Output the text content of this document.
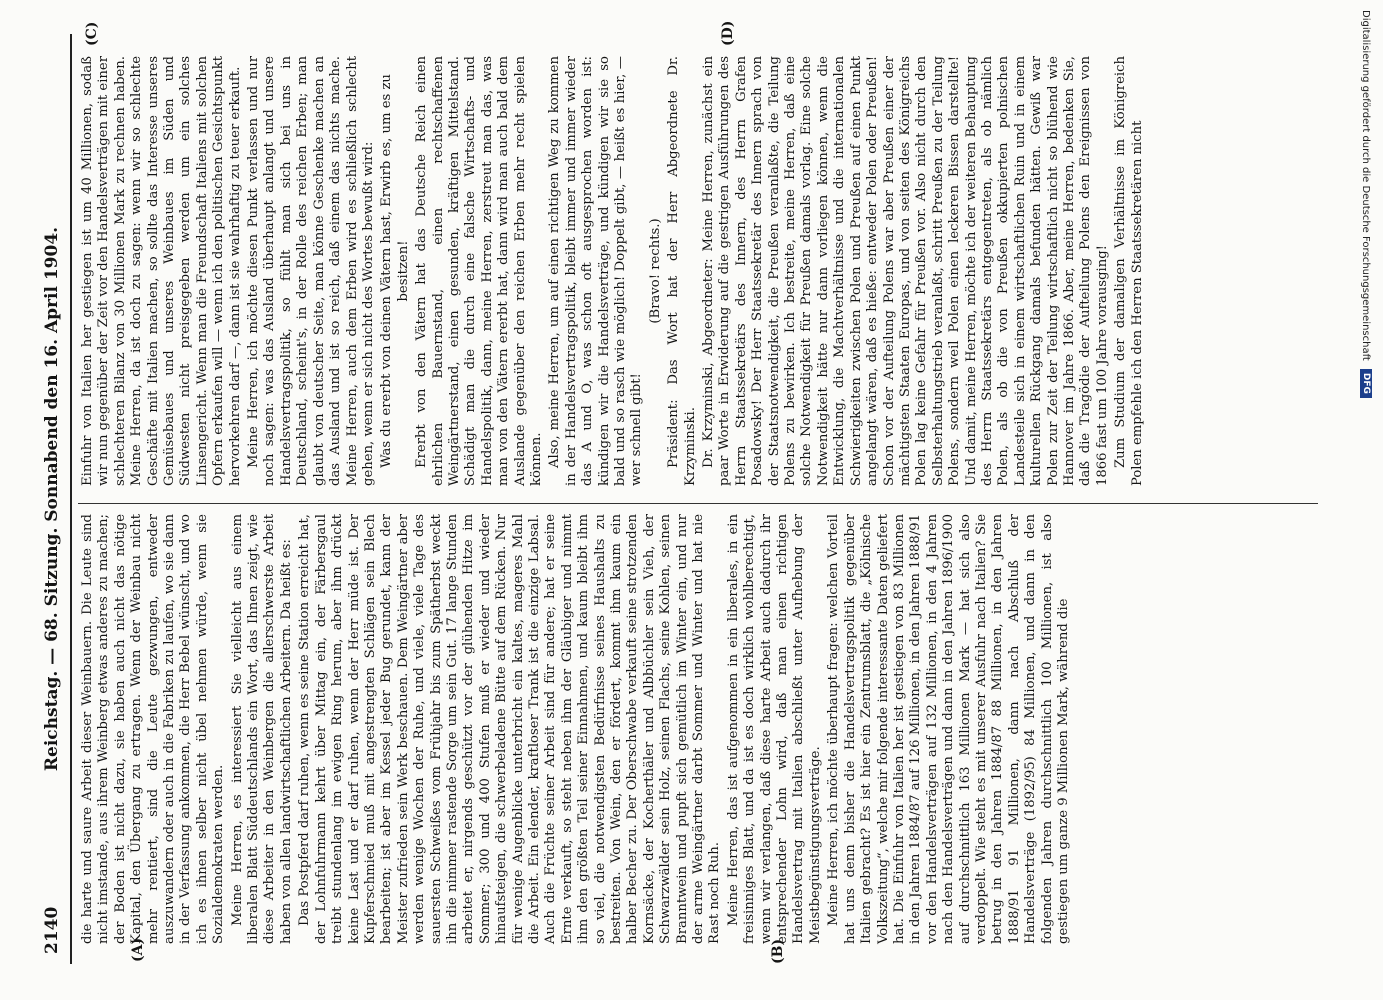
2140
Reichstag. — 68. Sitzung. Sonnabend den 16. April 1904.
(A)	(B)

die harte und saure Arbeit dieser Weinbauern. Die Leute sind nicht imstande, aus ihrem Weinberg etwas anderes zu machen; der Boden ist nicht dazu, sie haben auch nicht das nötige Kapital, den Übergang zu ertragen. Wenn der Weinbau nicht mehr rentiert, sind die Leute gezwungen, entweder auszuwandern oder auch in die Fabriken zu laufen, wo sie dann in der Verfassung ankommen, die Herr Bebel wünscht, und wo ich es ihnen selber nicht übel nehmen würde, wenn sie Sozialdemokraten werden. Meine Herren, es interessiert Sie vielleicht aus einem liberalen Blatt Süddeutschlands ein Wort, das Ihnen zeigt, wie diese Arbeiter in den Weinbergen die allerschwerste Arbeit haben von allen landwirtschaftlichen Arbeitern. Da heißt es: Das Postpferd darf ruhen, wenn es seine Station erreicht hat, der Lohnfuhrmann kehrt über Mittag ein, der Färbersgaul treibt stundenlang im ewigen Ring herum, aber ihm drückt keine Last und er darf ruhen, wenn der Herr müde ist. Der Kupferschmied muß mit angestrengten Schlägen sein Blech bearbeiten; ist aber im Kessel jeder Bug gerundet, kann der Meister zufrieden sein Werk beschauen. Dem Weingärtner aber werden wenige Wochen der Ruhe, und viele, viele Tage des sauersten Schweißes vom Frühjahr bis zum Spätherbst weckt ihn die nimmer rastende Sorge um sein Gut. 17 lange Stunden arbeitet er, nirgends geschützt vor der glühenden Hitze im Sommer; 300 und 400 Stufen muß er wieder und wieder hinaufsteigen, die schwerbeladene Bütte auf dem Rücken. Nur für wenige Augenblicke unterbricht ein kaltes, mageres Mahl die Arbeit. Ein elender, kraftloser Trank ist die einzige Labsal. Auch die Früchte seiner Arbeit sind für andere; hat er seine Ernte verkauft, so steht neben ihm der Gläubiger und nimmt ihm den größten Teil seiner Einnahmen, und kaum bleibt ihm so viel, die notwendigsten Bedürfnisse seines Haushalts zu bestreiten. Von Wein, den er fördert, kommt ihm kaum ein halber Becher zu. Der Oberschwabe verkauft seine strotzenden Kornsäcke, der Kocherthäler und Albbüchler sein Vieh, der Schwarzwälder sein Holz, seinen Flachs, seine Kohlen, seinen Branntwein und pupft sich gemütlich im Winter ein, und nur der arme Weingärtner darbt Sommer und Winter und hat nie Rast noch Ruh. Meine Herren, das ist aufgenommen in ein liberales, in ein freisinniges Blatt, und da ist es doch wirklich wohlberechtigt, wenn wir verlangen, daß diese harte Arbeit auch dadurch ihr entsprechender Lohn wird, daß man einen richtigen Handelsvertrag mit Italien abschließt unter Aufhebung der Meistbegünstigungsverträge. Meine Herren, ich möchte überhaupt fragen: welchen Vorteil hat uns denn bisher die Handelsvertragspolitik gegenüber Italien gebracht? Es ist hier ein Zentrumsblatt, die „Kölnische Volkszeitung“, welche mir folgende interessante Daten geliefert hat. Die Einfuhr von Italien her ist gestiegen von 83 Millionen in den Jahren 1884/87 auf 126 Millionen, in den Jahren 1888/91 vor den Handelsverträgen auf 132 Millionen, in den 4 Jahren nach den Handelsverträgen und dann in den Jahren 1896/1900 auf durchschnittlich 163 Millionen Mark — hat sich also verdoppelt. Wie steht es mit unserer Ausfuhr nach Italien? Sie betrug in den Jahren 1884/87 88 Millionen, in den Jahren 1888/91 91 Millionen, dann nach Abschluß der Handelsverträge (1892/95) 84 Millionen, und dann in den folgenden Jahren durchschnittlich 100 Millionen, ist also gestiegen um ganze 9 Millionen Mark, während die

(C)	(D)

Einfuhr von Italien her gestiegen ist um 40 Millionen, sodaß wir nun gegenüber der Zeit vor den Handelsverträgen mit einer schlechteren Bilanz von 30 Millionen Mark zu rechnen haben. Meine Herren, da ist doch zu sagen: wenn wir so schlechte Geschäfte mit Italien machen, so sollte das Interesse unseres Gemüsebaues und unseres Weinbaues im Süden und Südwesten nicht preisgegeben werden um ein solches Linsengericht. Wenn man die Freundschaft Italiens mit solchen Opfern erkaufen will — wenn ich den politischen Gesichtspunkt hervorkehren darf —, dann ist sie wahrhaftig zu teuer erkauft. Meine Herren, ich möchte diesen Punkt verlassen und nur noch sagen: was das Ausland überhaupt anlangt und unsere Handelsvertragspolitik, so fühlt man sich bei uns in Deutschland, scheint's, in der Rolle des reichen Erben; man glaubt von deutscher Seite, man könne Geschenke machen an das Ausland und ist so reich, daß einem das nichts mache. Meine Herren, auch dem Erben wird es schließlich schlecht gehen, wenn er sich nicht des Wortes bewußt wird: Was du ererbt von deinen Vätern hast, Erwirb es, um es zu besitzen! Ererbt von den Vätern hat das Deutsche Reich einen ehrlichen Bauernstand, einen rechtschaffenen Weingärtnerstand, einen gesunden, kräftigen Mittelstand. Schädigt man die durch eine falsche Wirtschafts- und Handelspolitik, dann, meine Herren, zerstreut man das, was man von den Vätern ererbt hat, dann wird man auch bald dem Auslande gegenüber den reichen Erben mehr recht spielen können. Also, meine Herren, um auf einen richtigen Weg zu kommen in der Handelsvertragspolitik, bleibt immer und immer wieder das A und O, was schon oft ausgesprochen worden ist: kündigen wir die Handelsverträge, und kündigen wir sie so bald und so rasch wie möglich! Doppelt gibt, — heißt es hier, — wer schnell gibt!

(Bravo! rechts.) Präsident: Das Wort hat der Herr Abgeordnete Dr. Krzyminski. Dr. Krzyminski, Abgeordneter: Meine Herren, zunächst ein paar Worte in Erwiderung auf die gestrigen Ausführungen des Herrn Staatssekretärs des Innern, des Herrn Grafen Posadowsky! Der Herr Staatssekretär des Innern sprach von der Staatsnotwendigkeit, die Preußen veranlaßte, die Teilung Polens zu bewirken. Ich bestreite, meine Herren, daß eine solche Notwendigkeit für Preußen damals vorlag. Eine solche Notwendigkeit hätte nur dann vorliegen können, wenn die Entwicklung, die Machtverhältnisse und die internationalen Schwierigkeiten zwischen Polen und Preußen auf einen Punkt angelangt wären, daß es hieße: entweder Polen oder Preußen! Schon vor der Aufteilung Polens war aber Preußen einer der mächtigsten Staaten Europas, und von seiten des Königreichs Polen lag keine Gefahr für Preußen vor. Also nicht durch den Selbsterhaltungstrieb veranlaßt, schritt Preußen zu der Teilung Polens, sondern weil Polen einen leckeren Bissen darstellte! Und damit, meine Herren, möchte ich der weiteren Behauptung des Herrn Staatssekretärs entgegentreten, als ob nämlich Polen, als ob die von Preußen okkupierten polnischen Landesteile sich in einem wirtschaftlichen Ruin und in einem kulturellen Rückgang damals befunden hätten. Gewiß war Polen zur Zeit der Teilung wirtschaftlich nicht so blühend wie Hannover im Jahre 1866. Aber, meine Herren, bedenken Sie, daß die Tragödie der Aufteilung Polens den Ereignissen von 1866 fast um 100 Jahre vorausging! Zum Studium der damaligen Verhältnisse im Königreich Polen empfehle ich den Herren Staatssekretären nicht	Digitalisierung gefördert durch die Deutsche Forschungsgemeinschaft
DFG
